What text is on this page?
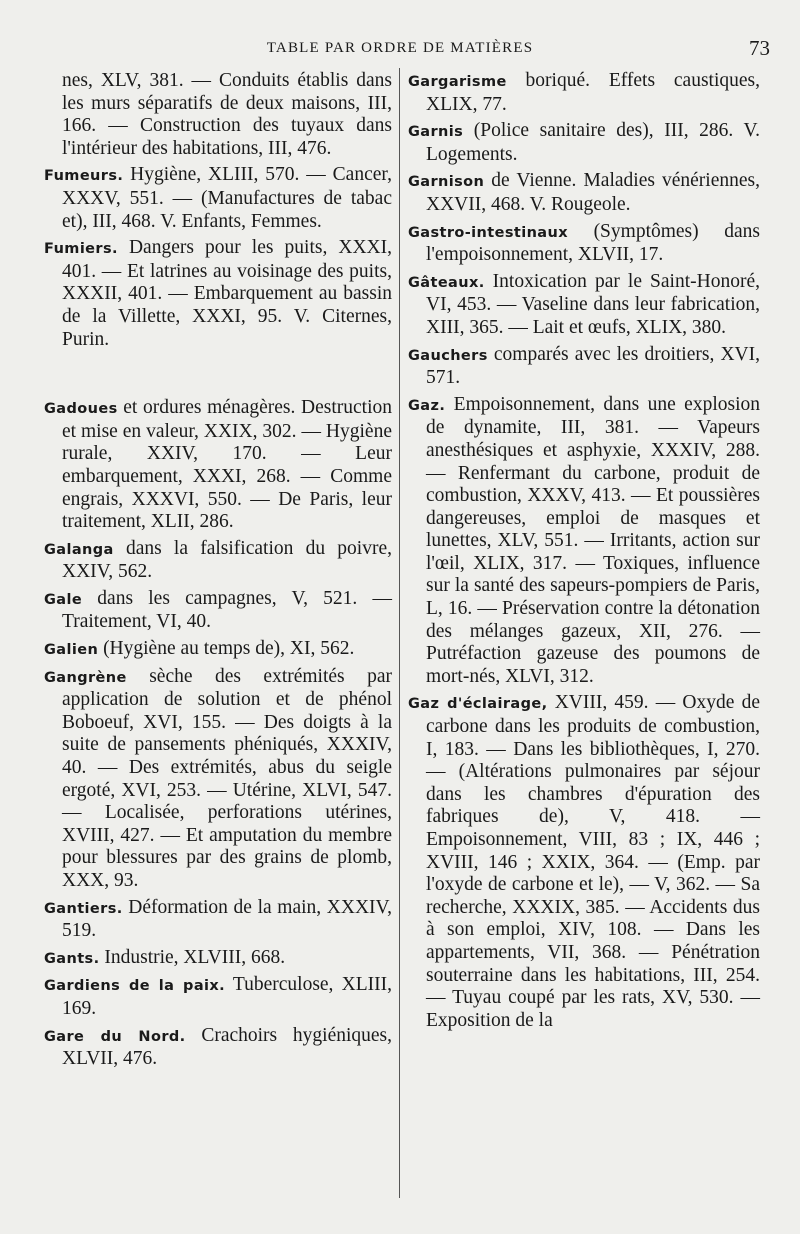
TABLE PAR ORDRE DE MATIÈRES	73

nes, XLV, 381. — Conduits établis dans les murs séparatifs de deux maisons, III, 166. — Construction des tuyaux dans l'intérieur des habitations, III, 476.

Fumeurs. Hygiène, XLIII, 570. — Cancer, XXXV, 551. — (Manufactures de tabac et), III, 468. V. Enfants, Femmes.

Fumiers. Dangers pour les puits, XXXI, 401. — Et latrines au voisinage des puits, XXXII, 401. — Embarquement au bassin de la Villette, XXXI, 95. V. Citernes, Purin.

Gadoues et ordures ménagères. Destruction et mise en valeur, XXIX, 302. — Hygiène rurale, XXIV, 170. — Leur embarquement, XXXI, 268. — Comme engrais, XXXVI, 550. — De Paris, leur traitement, XLII, 286.

Galanga dans la falsification du poivre, XXIV, 562.

Gale dans les campagnes, V, 521. — Traitement, VI, 40.

Galien (Hygiène au temps de), XI, 562.

Gangrène sèche des extrémités par application de solution et de phénol Boboeuf, XVI, 155. — Des doigts à la suite de pansements phéniqués, XXXIV, 40. — Des extrémités, abus du seigle ergoté, XVI, 253. — Utérine, XLVI, 547. — Localisée, perforations utérines, XVIII, 427. — Et amputation du membre pour blessures par des grains de plomb, XXX, 93.

Gantiers. Déformation de la main, XXXIV, 519.

Gants. Industrie, XLVIII, 668.

Gardiens de la paix. Tuberculose, XLIII, 169.

Gare du Nord. Crachoirs hygiéniques, XLVII, 476.

Gargarisme boriqué. Effets caustiques, XLIX, 77.

Garnis (Police sanitaire des), III, 286. V. Logements.

Garnison de Vienne. Maladies vénériennes, XXVII, 468. V. Rougeole.

Gastro-intestinaux (Symptômes) dans l'empoisonnement, XLVII, 17.

Gâteaux. Intoxication par le Saint-Honoré, VI, 453. — Vaseline dans leur fabrication, XIII, 365. — Lait et œufs, XLIX, 380.

Gauchers comparés avec les droitiers, XVI, 571.

Gaz. Empoisonnement, dans une explosion de dynamite, III, 381. — Vapeurs anesthésiques et asphyxie, XXXIV, 288. — Renfermant du carbone, produit de combustion, XXXV, 413. — Et poussières dangereuses, emploi de masques et lunettes, XLV, 551. — Irritants, action sur l'œil, XLIX, 317. — Toxiques, influence sur la santé des sapeurs-pompiers de Paris, L, 16. — Préservation contre la détonation des mélanges gazeux, XII, 276. — Putréfaction gazeuse des poumons de mort-nés, XLVI, 312.

Gaz d'éclairage, XVIII, 459. — Oxyde de carbone dans les produits de combustion, I, 183. — Dans les bibliothèques, I, 270. — (Altérations pulmonaires par séjour dans les chambres d'épuration des fabriques de), V, 418. — Empoisonnement, VIII, 83 ; IX, 446 ; XVIII, 146 ; XXIX, 364. — (Emp. par l'oxyde de carbone et le), — V, 362. — Sa recherche, XXXIX, 385. — Accidents dus à son emploi, XIV, 108. — Dans les appartements, VII, 368. — Pénétration souterraine dans les habitations, III, 254. — Tuyau coupé par les rats, XV, 530. — Exposition de la
